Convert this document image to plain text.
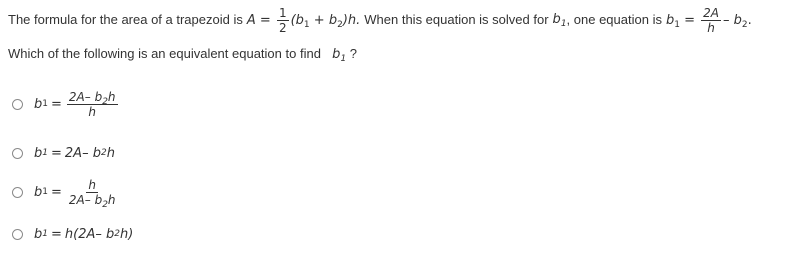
The formula for the area of a trapezoid is $A = \frac{1}{2} (b_1 + b_2)h$. When this equation is solved for $b_1$ , one equation is $b_1 = \frac{2A}{h} - b_2$.
Which of the following is an equivalent equation to find $b_1$ ?
b $1 = \frac{2A- b_2h}{h}$
b 1 = 2A– b 2 h
b $1 = \frac{h}{2A- b_2h}$
b 1 = h(2A– b 2 h)
